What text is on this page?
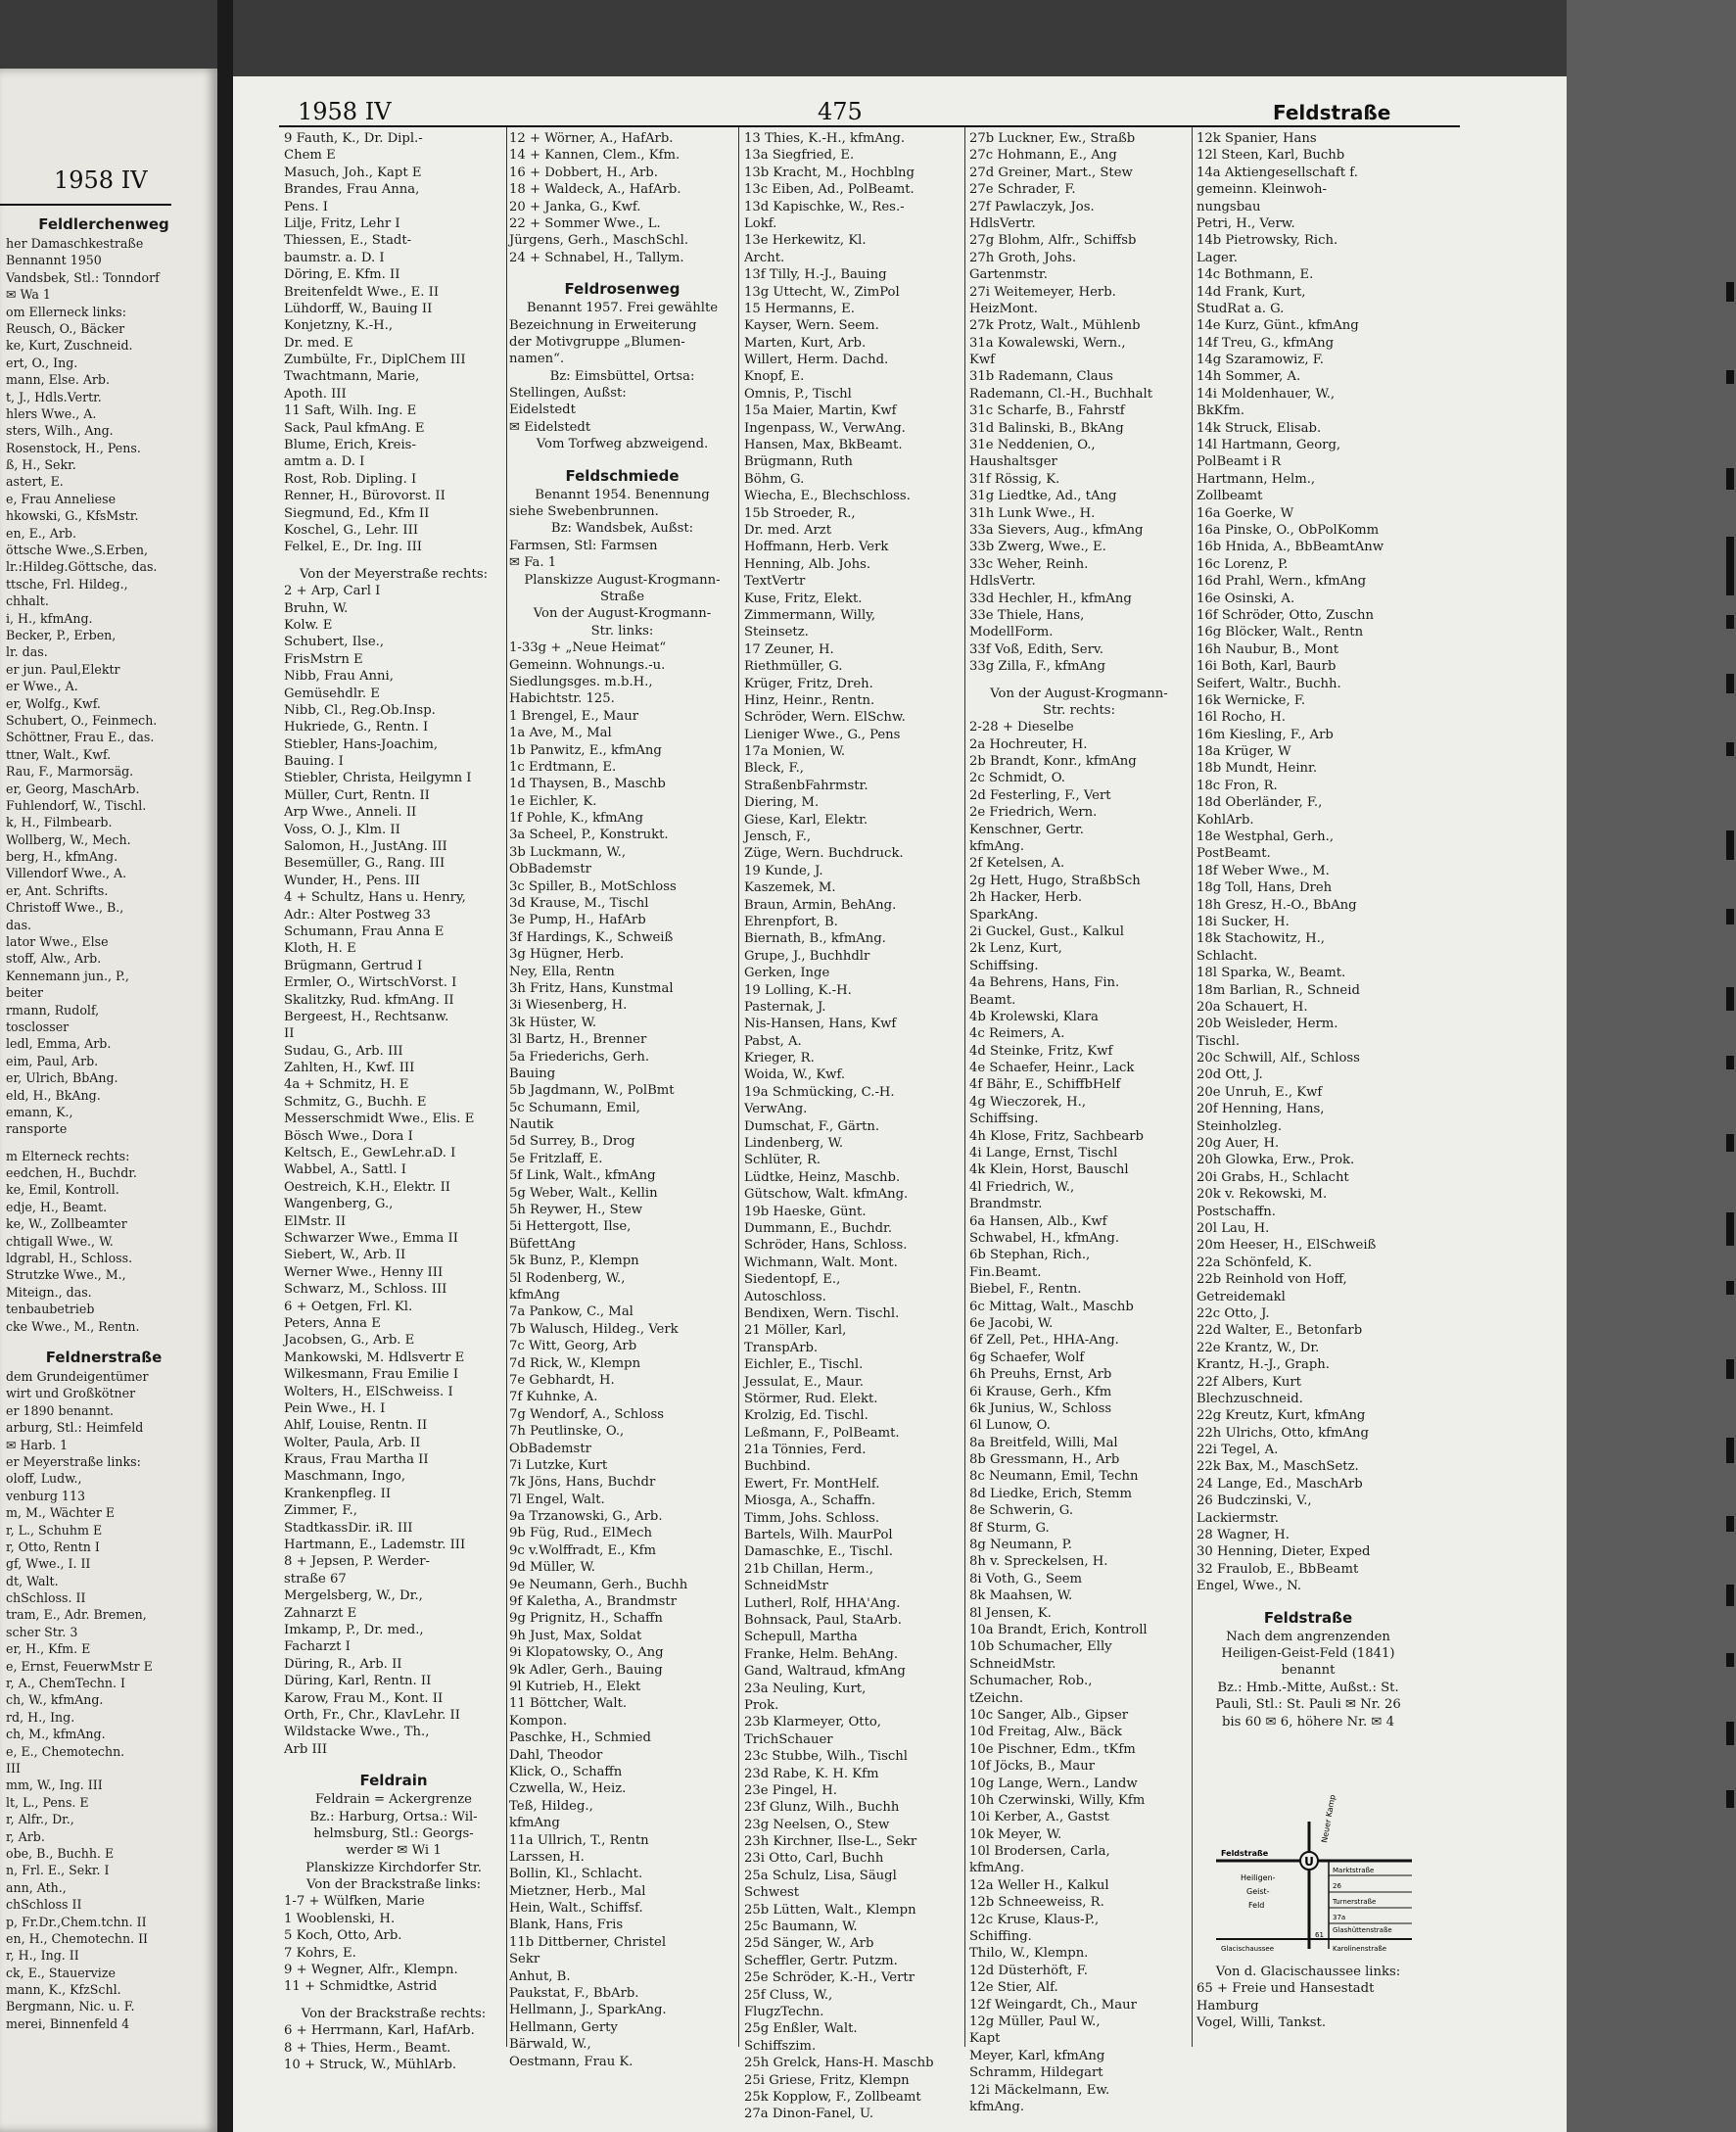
1958 IV
Feldlerchenweg
her Damaschkestraße
Bennannt 1950
Vandsbek, Stl.: Tonndorf
✉ Wa 1
om Ellerneck links:
Reusch, O., Bäcker
ke, Kurt, Zuschneid.
ert, O., Ing.
mann, Else. Arb.
t, J., Hdls.Vertr.
hlers Wwe., A.
sters, Wilh., Ang.
Rosenstock, H., Pens.
ß, H., Sekr.
astert, E.
e, Frau Anneliese
hkowski, G., KfsMstr.
en, E., Arb.
öttsche Wwe.,S.Erben,
lr.:Hildeg.Göttsche, das.
ttsche, Frl. Hildeg.,
chhalt.
i, H., kfmAng.
Becker, P., Erben,
lr. das.
er jun. Paul,Elektr
er Wwe., A.
er, Wolfg., Kwf.
Schubert, O., Feinmech.
Schöttner, Frau E., das.
ttner, Walt., Kwf.
Rau, F., Marmorsäg.
er, Georg, MaschArb.
Fuhlendorf, W., Tischl.
k, H., Filmbearb.
Wollberg, W., Mech.
berg, H., kfmAng.
Villendorf Wwe., A.
er, Ant. Schrifts.
Christoff Wwe., B.,
das.
lator Wwe., Else
stoff, Alw., Arb.
Kennemann jun., P.,
beiter
rmann, Rudolf,
tosclosser
ledl, Emma, Arb.
eim, Paul, Arb.
er, Ulrich, BbAng.
eld, H., BkAng.
emann, K.,
ransporte
m Elterneck rechts:
eedchen, H., Buchdr.
ke, Emil, Kontroll.
edje, H., Beamt.
ke, W., Zollbeamter
chtigall Wwe., W.
ldgrabl, H., Schloss.
Strutzke Wwe., M.,
Miteign., das.
tenbaubetrieb
cke Wwe., M., Rentn.
Feldnerstraße
dem Grundeigentümer
wirt und Großkötner
er 1890 benannt.
arburg, Stl.: Heimfeld
✉ Harb. 1
er Meyerstraße links:
oloff, Ludw.,
venburg 113
m, M., Wächter E
r, L., Schuhm E
r, Otto, Rentn I
gf, Wwe., I. II
dt, Walt.
chSchloss. II
tram, E., Adr. Bremen,
scher Str. 3
er, H., Kfm. E
e, Ernst, FeuerwMstr E
r, A., ChemTechn. I
ch, W., kfmAng.
rd, H., Ing.
ch, M., kfmAng.
e, E., Chemotechn.
III
mm, W., Ing. III
lt, L., Pens. E
r, Alfr., Dr.,
r, Arb.
obe, B., Buchh. E
n, Frl. E., Sekr. I
ann, Ath.,
chSchloss II
p, Fr.Dr.,Chem.tchn. II
en, H., Chemotechn. II
r, H., Ing. II
ck, E., Stauervize
mann, K., KfzSchl.
Bergmann, Nic. u. F.
merei, Binnenfeld 4
1958 IV	475	Feldstraße
9 Fauth, K., Dr. Dipl.-
Chem E
Masuch, Joh., Kapt E
Brandes, Frau Anna,
Pens. I
Lilje, Fritz, Lehr I
Thiessen, E., Stadt-
baumstr. a. D. I
Döring, E. Kfm. II
Breitenfeldt Wwe., E. II
Lühdorff, W., Bauing II
Konjetzny, K.-H.,
Dr. med. E
Zumbülte, Fr., DiplChem III
Twachtmann, Marie,
Apoth. III
11 Saft, Wilh. Ing. E
Sack, Paul kfmAng. E
Blume, Erich, Kreis-
amtm a. D. I
Rost, Rob. Dipling. I
Renner, H., Bürovorst. II
Siegmund, Ed., Kfm II
Koschel, G., Lehr. III
Felkel, E., Dr. Ing. III
Von der Meyerstraße rechts:
2 + Arp, Carl I
Bruhn, W.
Kolw. E
Schubert, Ilse.,
FrisMstrn E
Nibb, Frau Anni,
Gemüsehdlr. E
Nibb, Cl., Reg.Ob.Insp.
Hukriede, G., Rentn. I
Stiebler, Hans-Joachim,
Bauing. I
Stiebler, Christa, Heilgymn I
Müller, Curt, Rentn. II
Arp Wwe., Anneli. II
Voss, O. J., Klm. II
Salomon, H., JustAng. III
Besemüller, G., Rang. III
Wunder, H., Pens. III
4 + Schultz, Hans u. Henry,
Adr.: Alter Postweg 33
Schumann, Frau Anna E
Kloth, H. E
Brügmann, Gertrud I
Ermler, O., WirtschVorst. I
Skalitzky, Rud. kfmAng. II
Bergeest, H., Rechtsanw.
II
Sudau, G., Arb. III
Zahlten, H., Kwf. III
4a + Schmitz, H. E
Schmitz, G., Buchh. E
Messerschmidt Wwe., Elis. E
Bösch Wwe., Dora I
Keltsch, E., GewLehr.aD. I
Wabbel, A., Sattl. I
Oestreich, K.H., Elektr. II
Wangenberg, G.,
ElMstr. II
Schwarzer Wwe., Emma II
Siebert, W., Arb. II
Werner Wwe., Henny III
Schwarz, M., Schloss. III
6 + Oetgen, Frl. Kl.
Peters, Anna E
Jacobsen, G., Arb. E
Mankowski, M. Hdlsvertr E
Wilkesmann, Frau Emilie I
Wolters, H., ElSchweiss. I
Pein Wwe., H. I
Ahlf, Louise, Rentn. II
Wolter, Paula, Arb. II
Kraus, Frau Martha II
Maschmann, Ingo,
Krankenpfleg. II
Zimmer, F.,
StadtkassDir. iR. III
Hartmann, E., Lademstr. III
8 + Jepsen, P. Werder-
straße 67
Mergelsberg, W., Dr.,
Zahnarzt E
Imkamp, P., Dr. med.,
Facharzt I
Düring, R., Arb. II
Düring, Karl, Rentn. II
Karow, Frau M., Kont. II
Orth, Fr., Chr., KlavLehr. II
Wildstacke Wwe., Th.,
Arb III
Feldrain
Feldrain = Ackergrenze
Bz.: Harburg, Ortsa.: Wil-
helmsburg, Stl.: Georgs-
werder ✉ Wi 1
Planskizze Kirchdorfer Str.
Von der Brackstraße links:
1-7 + Wülfken, Marie
1 Wooblenski, H.
5 Koch, Otto, Arb.
7 Kohrs, E.
9 + Wegner, Alfr., Klempn.
11 + Schmidtke, Astrid
Von der Brackstraße rechts:
6 + Herrmann, Karl, HafArb.
8 + Thies, Herm., Beamt.
10 + Struck, W., MühlArb.
12 + Wörner, A., HafArb.
14 + Kannen, Clem., Kfm.
16 + Dobbert, H., Arb.
18 + Waldeck, A., HafArb.
20 + Janka, G., Kwf.
22 + Sommer Wwe., L.
Jürgens, Gerh., MaschSchl.
24 + Schnabel, H., Tallym.
Feldrosenweg
Benannt 1957. Frei gewählte
Bezeichnung in Erweiterung
der Motivgruppe „Blumen-
namen“.
Bz: Eimsbüttel, Ortsa:
Stellingen, Außst:
Eidelstedt
✉ Eidelstedt
Vom Torfweg abzweigend.
Feldschmiede
Benannt 1954. Benennung
siehe Swebenbrunnen.
Bz: Wandsbek, Außst:
Farmsen, Stl: Farmsen
✉ Fa. 1
Planskizze August-Krogmann-
Straße
Von der August-Krogmann-
Str. links:
1-33g + „Neue Heimat“
Gemeinn. Wohnungs.-u.
Siedlungsges. m.b.H.,
Habichtstr. 125.
1 Brengel, E., Maur
1a Ave, M., Mal
1b Panwitz, E., kfmAng
1c Erdtmann, E.
1d Thaysen, B., Maschb
1e Eichler, K.
1f Pohle, K., kfmAng
3a Scheel, P., Konstrukt.
3b Luckmann, W.,
ObBademstr
3c Spiller, B., MotSchloss
3d Krause, M., Tischl
3e Pump, H., HafArb
3f Hardings, K., Schweiß
3g Hügner, Herb.
Ney, Ella, Rentn
3h Fritz, Hans, Kunstmal
3i Wiesenberg, H.
3k Hüster, W.
3l Bartz, H., Brenner
5a Friederichs, Gerh.
Bauing
5b Jagdmann, W., PolBmt
5c Schumann, Emil,
Nautik
5d Surrey, B., Drog
5e Fritzlaff, E.
5f Link, Walt., kfmAng
5g Weber, Walt., Kellin
5h Reywer, H., Stew
5i Hettergott, Ilse,
BüfettAng
5k Bunz, P., Klempn
5l Rodenberg, W.,
kfmAng
7a Pankow, C., Mal
7b Walusch, Hildeg., Verk
7c Witt, Georg, Arb
7d Rick, W., Klempn
7e Gebhardt, H.
7f Kuhnke, A.
7g Wendorf, A., Schloss
7h Peutlinske, O.,
ObBademstr
7i Lutzke, Kurt
7k Jöns, Hans, Buchdr
7l Engel, Walt.
9a Trzanowski, G., Arb.
9b Füg, Rud., ElMech
9c v.Wolffradt, E., Kfm
9d Müller, W.
9e Neumann, Gerh., Buchh
9f Kaletha, A., Brandmstr
9g Prignitz, H., Schaffn
9h Just, Max, Soldat
9i Klopatowsky, O., Ang
9k Adler, Gerh., Bauing
9l Kutrieb, H., Elekt
11 Böttcher, Walt.
Kompon.
Paschke, H., Schmied
Dahl, Theodor
Klick, O., Schaffn
Czwella, W., Heiz.
Teß, Hildeg.,
kfmAng
11a Ullrich, T., Rentn
Larssen, H.
Bollin, Kl., Schlacht.
Mietzner, Herb., Mal
Hein, Walt., Schiffsf.
Blank, Hans, Fris
11b Dittberner, Christel
Sekr
Anhut, B.
Paukstat, F., BbArb.
Hellmann, J., SparkAng.
Hellmann, Gerty
Bärwald, W.,
Oestmann, Frau K.
13 Thies, K.-H., kfmAng.
13a Siegfried, E.
13b Kracht, M., Hochblng
13c Eiben, Ad., PolBeamt.
13d Kapischke, W., Res.-
Lokf.
13e Herkewitz, Kl.
Archt.
13f Tilly, H.-J., Bauing
13g Uttecht, W., ZimPol
15 Hermanns, E.
Kayser, Wern. Seem.
Marten, Kurt, Arb.
Willert, Herm. Dachd.
Knopf, E.
Omnis, P., Tischl
15a Maier, Martin, Kwf
Ingenpass, W., VerwAng.
Hansen, Max, BkBeamt.
Brügmann, Ruth
Böhm, G.
Wiecha, E., Blechschloss.
15b Stroeder, R.,
Dr. med. Arzt
Hoffmann, Herb. Verk
Henning, Alb. Johs.
TextVertr
Kuse, Fritz, Elekt.
Zimmermann, Willy,
Steinsetz.
17 Zeuner, H.
Riethmüller, G.
Krüger, Fritz, Dreh.
Hinz, Heinr., Rentn.
Schröder, Wern. ElSchw.
Lieniger Wwe., G., Pens
17a Monien, W.
Bleck, F.,
StraßenbFahrmstr.
Diering, M.
Giese, Karl, Elektr.
Jensch, F.,
Züge, Wern. Buchdruck.
19 Kunde, J.
Kaszemek, M.
Braun, Armin, BehAng.
Ehrenpfort, B.
Biernath, B., kfmAng.
Grupe, J., Buchhdlr
Gerken, Inge
19 Lolling, K.-H.
Pasternak, J.
Nis-Hansen, Hans, Kwf
Pabst, A.
Krieger, R.
Woida, W., Kwf.
19a Schmücking, C.-H.
VerwAng.
Dumschat, F., Gärtn.
Lindenberg, W.
Schlüter, R.
Lüdtke, Heinz, Maschb.
Gütschow, Walt. kfmAng.
19b Haeske, Günt.
Dummann, E., Buchdr.
Schröder, Hans, Schloss.
Wichmann, Walt. Mont.
Siedentopf, E.,
Autoschloss.
Bendixen, Wern. Tischl.
21 Möller, Karl,
TranspArb.
Eichler, E., Tischl.
Jessulat, E., Maur.
Störmer, Rud. Elekt.
Krolzig, Ed. Tischl.
Leßmann, F., PolBeamt.
21a Tönnies, Ferd.
Buchbind.
Ewert, Fr. MontHelf.
Miosga, A., Schaffn.
Timm, Johs. Schloss.
Bartels, Wilh. MaurPol
Damaschke, E., Tischl.
21b Chillan, Herm.,
SchneidMstr
Lutherl, Rolf, HHA'Ang.
Bohnsack, Paul, StaArb.
Schepull, Martha
Franke, Helm. BehAng.
Gand, Waltraud, kfmAng
23a Neuling, Kurt,
Prok.
23b Klarmeyer, Otto,
TrichSchauer
23c Stubbe, Wilh., Tischl
23d Rabe, K. H. Kfm
23e Pingel, H.
23f Glunz, Wilh., Buchh
23g Neelsen, O., Stew
23h Kirchner, Ilse-L., Sekr
23i Otto, Carl, Buchh
25a Schulz, Lisa, Säugl
Schwest
25b Lütten, Walt., Klempn
25c Baumann, W.
25d Sänger, W., Arb
Scheffler, Gertr. Putzm.
25e Schröder, K.-H., Vertr
25f Cluss, W.,
FlugzTechn.
25g Enßler, Walt.
Schiffszim.
25h Grelck, Hans-H. Maschb
25i Griese, Fritz, Klempn
25k Kopplow, F., Zollbeamt
27a Dinon-Fanel, U.
27b Luckner, Ew., Straßb
27c Hohmann, E., Ang
27d Greiner, Mart., Stew
27e Schrader, F.
27f Pawlaczyk, Jos.
HdlsVertr.
27g Blohm, Alfr., Schiffsb
27h Groth, Johs.
Gartenmstr.
27i Weitemeyer, Herb.
HeizMont.
27k Protz, Walt., Mühlenb
31a Kowalewski, Wern.,
Kwf
31b Rademann, Claus
Rademann, Cl.-H., Buchhalt
31c Scharfe, B., Fahrstf
31d Balinski, B., BkAng
31e Neddenien, O.,
Haushaltsger
31f Rössig, K.
31g Liedtke, Ad., tAng
31h Lunk Wwe., H.
33a Sievers, Aug., kfmAng
33b Zwerg, Wwe., E.
33c Weher, Reinh.
HdlsVertr.
33d Hechler, H., kfmAng
33e Thiele, Hans,
ModellForm.
33f Voß, Edith, Serv.
33g Zilla, F., kfmAng
Von der August-Krogmann-
Str. rechts:
2-28 + Dieselbe
2a Hochreuter, H.
2b Brandt, Konr., kfmAng
2c Schmidt, O.
2d Festerling, F., Vert
2e Friedrich, Wern.
Kenschner, Gertr.
kfmAng.
2f Ketelsen, A.
2g Hett, Hugo, StraßbSch
2h Hacker, Herb.
SparkAng.
2i Guckel, Gust., Kalkul
2k Lenz, Kurt,
Schiffsing.
4a Behrens, Hans, Fin.
Beamt.
4b Krolewski, Klara
4c Reimers, A.
4d Steinke, Fritz, Kwf
4e Schaefer, Heinr., Lack
4f Bähr, E., SchiffbHelf
4g Wieczorek, H.,
Schiffsing.
4h Klose, Fritz, Sachbearb
4i Lange, Ernst, Tischl
4k Klein, Horst, Bauschl
4l Friedrich, W.,
Brandmstr.
6a Hansen, Alb., Kwf
Schwabel, H., kfmAng.
6b Stephan, Rich.,
Fin.Beamt.
Biebel, F., Rentn.
6c Mittag, Walt., Maschb
6e Jacobi, W.
6f Zell, Pet., HHA-Ang.
6g Schaefer, Wolf
6h Preuhs, Ernst, Arb
6i Krause, Gerh., Kfm
6k Junius, W., Schloss
6l Lunow, O.
8a Breitfeld, Willi, Mal
8b Gressmann, H., Arb
8c Neumann, Emil, Techn
8d Liedke, Erich, Stemm
8e Schwerin, G.
8f Sturm, G.
8g Neumann, P.
8h v. Spreckelsen, H.
8i Voth, G., Seem
8k Maahsen, W.
8l Jensen, K.
10a Brandt, Erich, Kontroll
10b Schumacher, Elly
SchneidMstr.
Schumacher, Rob.,
tZeichn.
10c Sanger, Alb., Gipser
10d Freitag, Alw., Bäck
10e Pischner, Edm., tKfm
10f Jöcks, B., Maur
10g Lange, Wern., Landw
10h Czerwinski, Willy, Kfm
10i Kerber, A., Gastst
10k Meyer, W.
10l Brodersen, Carla,
kfmAng.
12a Weller H., Kalkul
12b Schneeweiss, R.
12c Kruse, Klaus-P.,
Schiffing.
Thilo, W., Klempn.
12d Düsterhöft, F.
12e Stier, Alf.
12f Weingardt, Ch., Maur
12g Müller, Paul W.,
Kapt
Meyer, Karl, kfmAng
Schramm, Hildegart
12i Mäckelmann, Ew.
kfmAng.
12k Spanier, Hans
12l Steen, Karl, Buchb
14a Aktiengesellschaft f.
gemeinn. Kleinwoh-
nungsbau
Petri, H., Verw.
14b Pietrowsky, Rich.
Lager.
14c Bothmann, E.
14d Frank, Kurt,
StudRat a. G.
14e Kurz, Günt., kfmAng
14f Treu, G., kfmAng
14g Szaramowiz, F.
14h Sommer, A.
14i Moldenhauer, W.,
BkKfm.
14k Struck, Elisab.
14l Hartmann, Georg,
PolBeamt i R
Hartmann, Helm.,
Zollbeamt
16a Goerke, W
16a Pinske, O., ObPolKomm
16b Hnida, A., BbBeamtAnw
16c Lorenz, P.
16d Prahl, Wern., kfmAng
16e Osinski, A.
16f Schröder, Otto, Zuschn
16g Blöcker, Walt., Rentn
16h Naubur, B., Mont
16i Both, Karl, Baurb
Seifert, Waltr., Buchh.
16k Wernicke, F.
16l Rocho, H.
16m Kiesling, F., Arb
18a Krüger, W
18b Mundt, Heinr.
18c Fron, R.
18d Oberländer, F.,
KohlArb.
18e Westphal, Gerh.,
PostBeamt.
18f Weber Wwe., M.
18g Toll, Hans, Dreh
18h Gresz, H.-O., BbAng
18i Sucker, H.
18k Stachowitz, H.,
Schlacht.
18l Sparka, W., Beamt.
18m Barlian, R., Schneid
20a Schauert, H.
20b Weisleder, Herm.
Tischl.
20c Schwill, Alf., Schloss
20d Ott, J.
20e Unruh, E., Kwf
20f Henning, Hans,
Steinholzleg.
20g Auer, H.
20h Glowka, Erw., Prok.
20i Grabs, H., Schlacht
20k v. Rekowski, M.
Postschaffn.
20l Lau, H.
20m Heeser, H., ElSchweiß
22a Schönfeld, K.
22b Reinhold von Hoff,
Getreidemakl
22c Otto, J.
22d Walter, E., Betonfarb
22e Krantz, W., Dr.
Krantz, H.-J., Graph.
22f Albers, Kurt
Blechzuschneid.
22g Kreutz, Kurt, kfmAng
22h Ulrichs, Otto, kfmAng
22i Tegel, A.
22k Bax, M., MaschSetz.
24 Lange, Ed., MaschArb
26 Budczinski, V.,
Lackiermstr.
28 Wagner, H.
30 Henning, Dieter, Exped
32 Fraulob, E., BbBeamt
Engel, Wwe., N.
Feldstraße
Nach dem angrenzenden
Heiligen-Geist-Feld (1841)
benannt
Bz.: Hmb.-Mitte, Außst.: St.
Pauli, Stl.: St. Pauli ✉ Nr. 26
bis 60 ✉ 6, höhere Nr. ✉ 4
U
Neuer Kamp
Feldstraße
Marktstraße
26
Turnerstraße
37a
Glashüttenstraße
Heiligen-
Geist-
Feld
Glacischaussee
61
Karolinenstraße
Von d. Glacischaussee links:
65 + Freie und Hansestadt
Hamburg
Vogel, Willi, Tankst.
